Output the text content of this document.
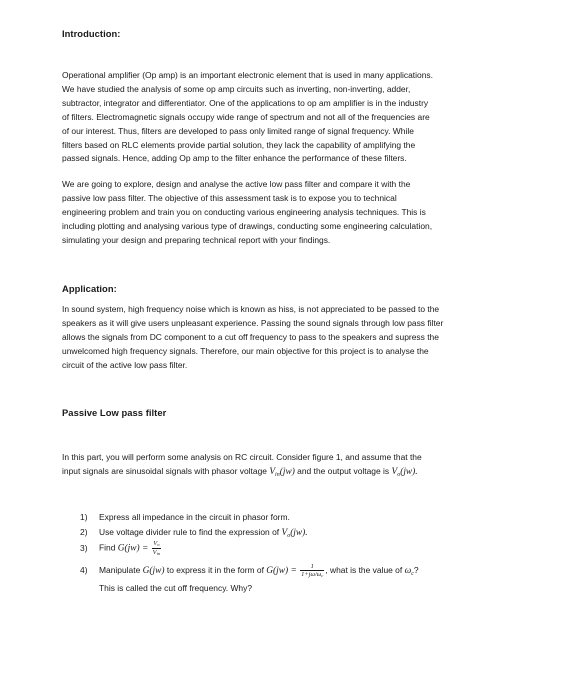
Introduction:
Operational amplifier (Op amp) is an important electronic element that is used in many applications.
We have studied the analysis of some op amp circuits such as inverting, non-inverting, adder,
subtractor, integrator and differentiator. One of the applications to op am amplifier is in the industry
of filters. Electromagnetic signals occupy wide range of spectrum and not all of the frequencies are
of our interest. Thus, filters are developed to pass only limited range of signal frequency. While
filters based on RLC elements provide partial solution, they lack the capability of amplifying the
passed signals. Hence, adding Op amp to the filter enhance the performance of these filters.
We are going to explore, design and analyse the active low pass filter and compare it with the
passive low pass filter. The objective of this assessment task is to expose you to technical
engineering problem and train you on conducting various engineering analysis techniques. This is
including plotting and analysing various type of drawings, conducting some engineering calculation,
simulating your design and preparing technical report with your findings.
Application:
In sound system, high frequency noise which is known as hiss, is not appreciated to be passed to the
speakers as it will give users unpleasant experience. Passing the sound signals through low pass filter
allows the signals from DC component to a cut off frequency to pass to the speakers and supress the
unwelcomed high frequency signals. Therefore, our main objective for this project is to analyse the
circuit of the active low pass filter.
Passive Low pass filter
In this part, you will perform some analysis on RC circuit. Consider figure 1, and assume that the
input signals are sinusoidal signals with phasor voltage $V_{in}(jw)$ and the output voltage is $V_o(jw)$.
1) Express all impedance in the circuit in phasor form.
2) Use voltage divider rule to find the expression of $V_o(jw)$.
3) Find $G(jw) = \frac{V_o}{V_{in}}$
4) Manipulate G(jw) to express it in the form of $G(jw) = \frac{1}{1+j\omega/\omega_c}$ , what is the value of $\omega_c$?
This is called the cut off frequency. Why?
